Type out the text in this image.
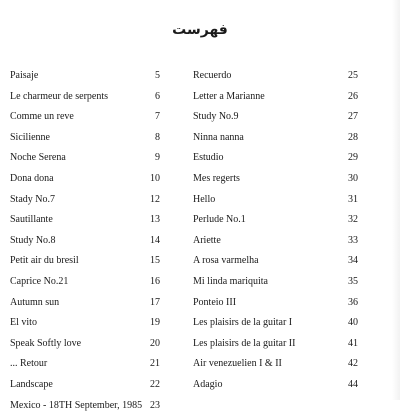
فهرست
Paisaje	5
Le charmeur de serpents	6
Comme un reve	7
Sicilienne	8
Noche Serena	9
Dona dona	10
Stady No.7	12
Sautillante	13
Study No.8	14
Petit air du bresil	15
Caprice No.21	16
Autumn sun	17
El vito	19
Speak Softly love	20
... Retour	21
Landscape	22
Mexico - 18TH September, 1985 23
Recuerdo	25
Letter a Marianne	26
Study No.9	27
Ninna nanna	28
Estudio	29
Mes regerts	30
Hello	31
Perlude No.1	32
Ariette	33
A rosa varmelha	34
Mi linda mariquita	35
Ponteio III	36
Les plaisirs de la guitar I	40
Les plaisirs de la guitar II	41
Air venezuelien I & II	42
Adagio	44
